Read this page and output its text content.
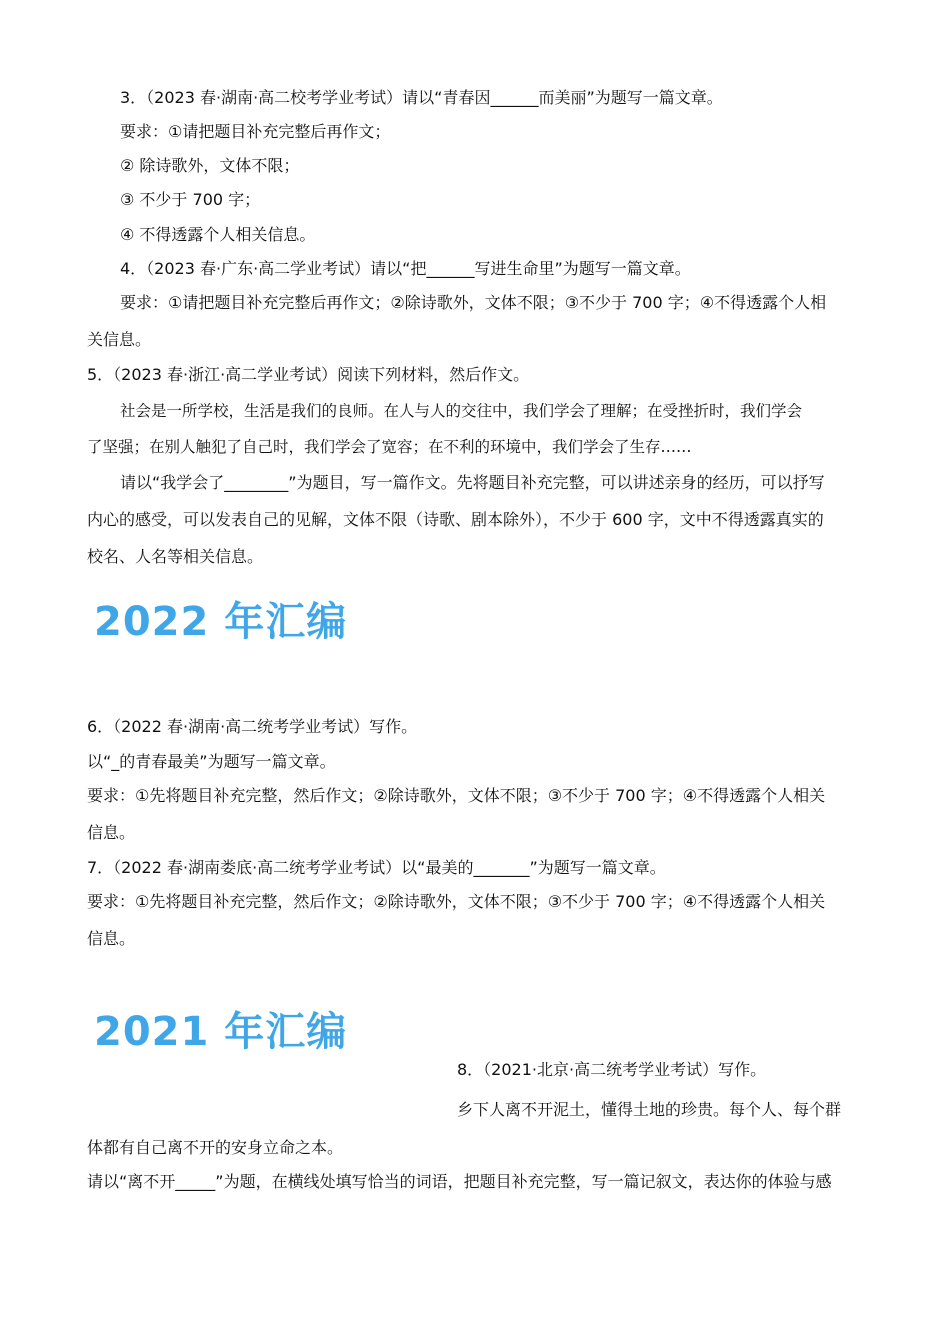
3．（2023 春·湖南·高二校考学业考试）请以“青春因______而美丽”为题写一篇文章。
要求：①请把题目补充完整后再作文；
② 除诗歌外，文体不限；
③ 不少于 700 字；
④ 不得透露个人相关信息。
4．（2023 春·广东·高二学业考试）请以“把______写进生命里”为题写一篇文章。
要求：①请把题目补充完整后再作文；②除诗歌外，文体不限；③不少于 700 字；④不得透露个人相
关信息。
5．（2023 春·浙江·高二学业考试）阅读下列材料，然后作文。
社会是一所学校，生活是我们的良师。在人与人的交往中，我们学会了理解；在受挫折时，我们学会
了坚强；在别人触犯了自己时，我们学会了宽容；在不利的环境中，我们学会了生存……
请以“我学会了________”为题目，写一篇作文。先将题目补充完整，可以讲述亲身的经历，可以抒写
内心的感受，可以发表自己的见解，文体不限（诗歌、剧本除外），不少于 600 字，文中不得透露真实的
校名、人名等相关信息。
2022 年汇编
6．（2022 春·湖南·高二统考学业考试）写作。
以“_的青春最美”为题写一篇文章。
要求：①先将题目补充完整，然后作文；②除诗歌外，文体不限；③不少于 700 字；④不得透露个人相关
信息。
7．（2022 春·湖南娄底·高二统考学业考试）以“最美的_______”为题写一篇文章。
要求：①先将题目补充完整，然后作文；②除诗歌外，文体不限；③不少于 700 字；④不得透露个人相关
信息。
2021 年汇编
8．（2021·北京·高二统考学业考试）写作。
乡下人离不开泥土，懂得土地的珍贵。每个人、每个群
体都有自己离不开的安身立命之本。
请以“离不开_____”为题，在横线处填写恰当的词语，把题目补充完整，写一篇记叙文，表达你的体验与感
